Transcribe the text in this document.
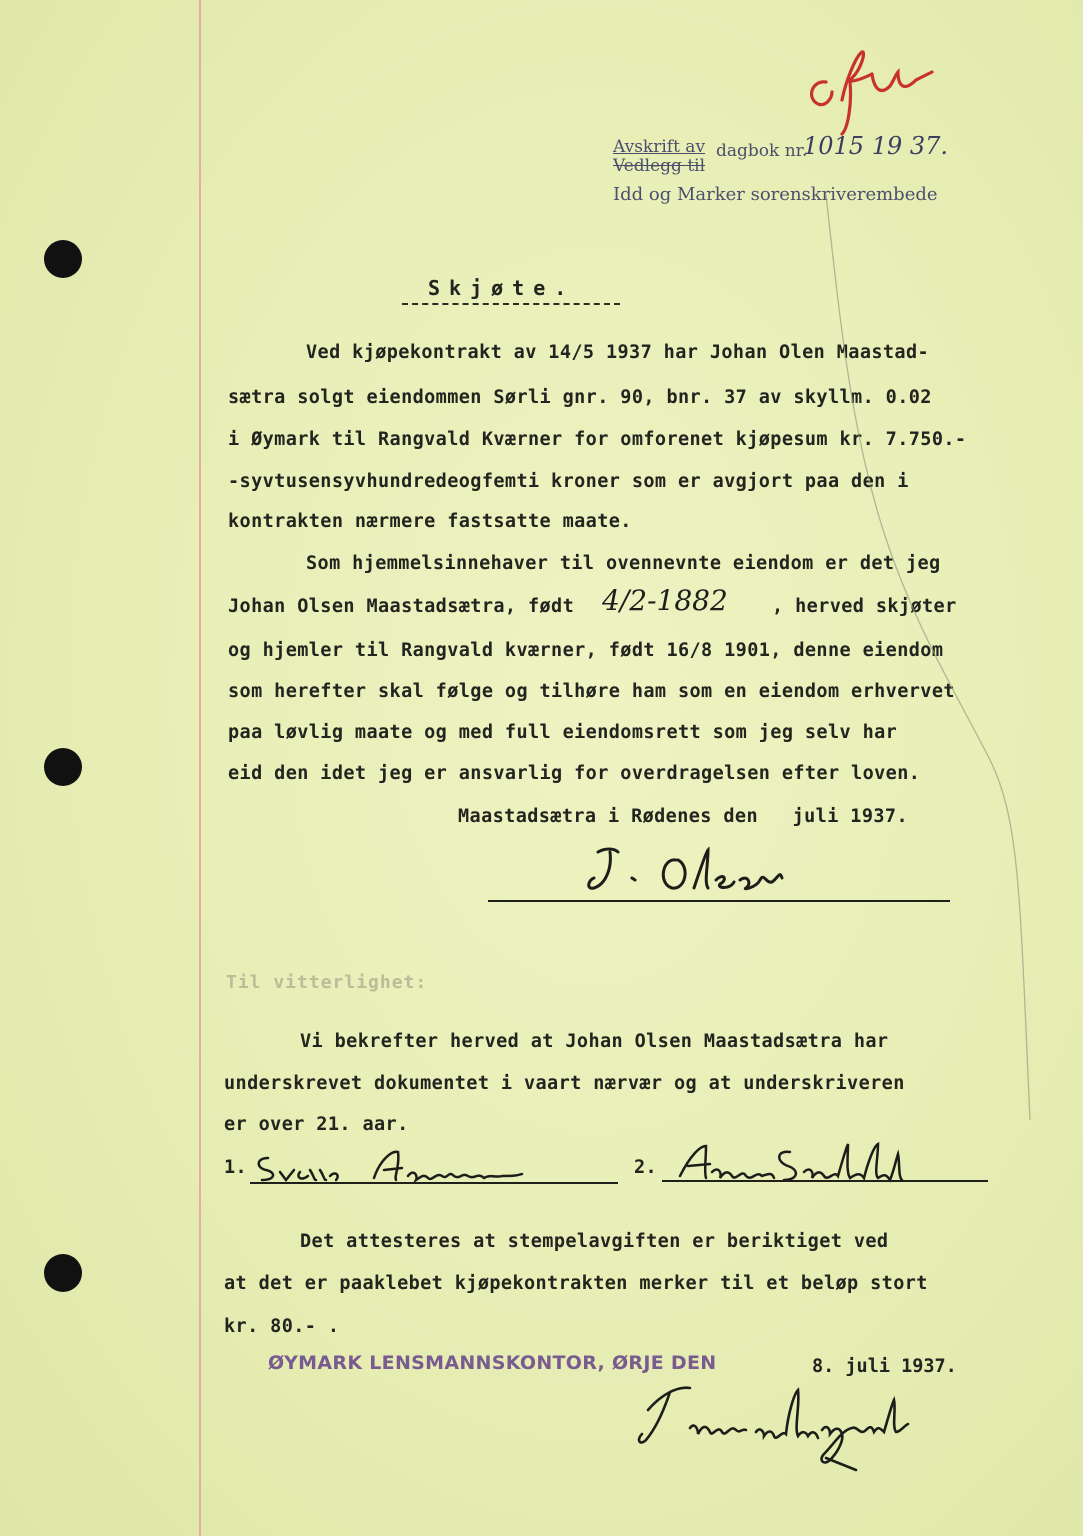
Avskrift av
Vedlegg til
dagbok nr.
1015 19 37.
Idd og Marker sorenskriverembede
Skjøte.
Ved kjøpekontrakt av 14/5 1937 har Johan Olen Maastad-
sætra solgt eiendommen Sørli gnr. 90, bnr. 37 av skyllm. 0.02
i Øymark til Rangvald Kværner for omforenet kjøpesum kr. 7.750.-
-syvtusensyvhundredeogfemti kroner som er avgjort paa den i
kontrakten nærmere fastsatte maate.
Som hjemmelsinnehaver til ovennevnte eiendom er det jeg
Johan Olsen Maastadsætra, født 4/2-1882 , herved skjøter
og hjemler til Rangvald kværner, født 16/8 1901, denne eiendom
som herefter skal følge og tilhøre ham som en eiendom erhvervet
paa løvlig maate og med full eiendomsrett som jeg selv har
eid den idet jeg er ansvarlig for overdragelsen efter loven.
Maastadsætra i Rødenes den   juli 1937.
Til vitterlighet:
Vi bekrefter herved at Johan Olsen Maastadsætra har
underskrevet dokumentet i vaart nærvær og at underskriveren
er over 21. aar.
1.	2.
Det attesteres at stempelavgiften er beriktiget ved
at det er paaklebet kjøpekontrakten merker til et beløp stort
kr. 80.- .
ØYMARK LENSMANNSKONTOR, ØRJE DEN	8. juli 1937.
